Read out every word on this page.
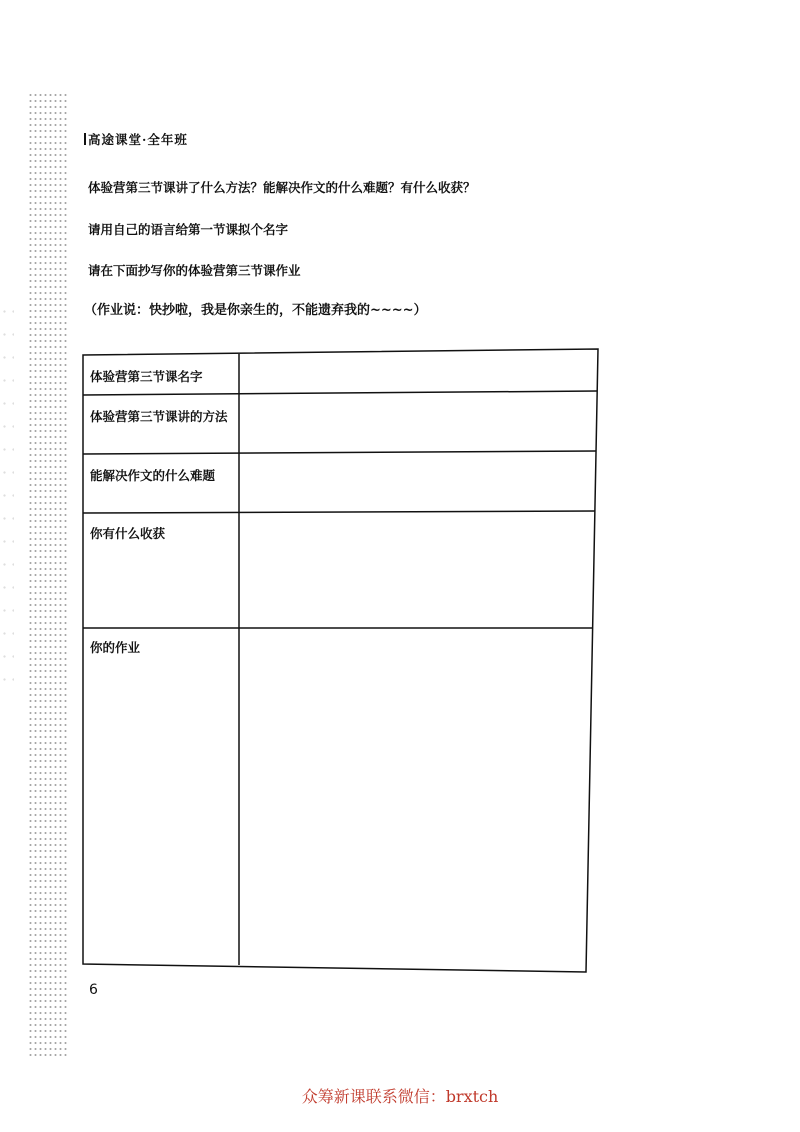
高途课堂·全年班
体验营第三节课讲了什么方法？能解决作文的什么难题？有什么收获？
请用自己的语言给第一节课拟个名字
请在下面抄写你的体验营第三节课作业
（作业说：快抄啦，我是你亲生的，不能遗弃我的~~~~）
体验营第三节课名字
体验营第三节课讲的方法
能解决作文的什么难题
你有什么收获
你的作业
6
众筹新课联系微信：brxtch
